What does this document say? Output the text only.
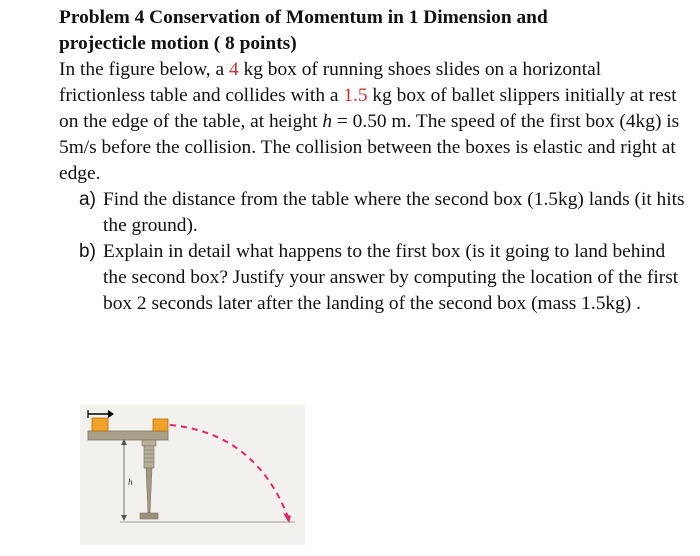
Problem 4 Conservation of Momentum in 1 Dimension and
projecticle motion ( 8 points)

In the figure below, a 4 kg box of running shoes slides on a horizontal frictionless table and collides with a 1.5 kg box of ballet slippers initially at rest on the edge of the table, at height h = 0.50 m. The speed of the first box (4kg) is 5m/s before the collision. The collision between the boxes is elastic and right at edge.

a) Find the distance from the table where the second box (1.5kg) lands (it hits the ground).
b) Explain in detail what happens to the first box (is it going to land behind the second box? Justify your answer by computing the location of the first box 2 seconds later after the landing of the second box (mass 1.5kg) .
h
